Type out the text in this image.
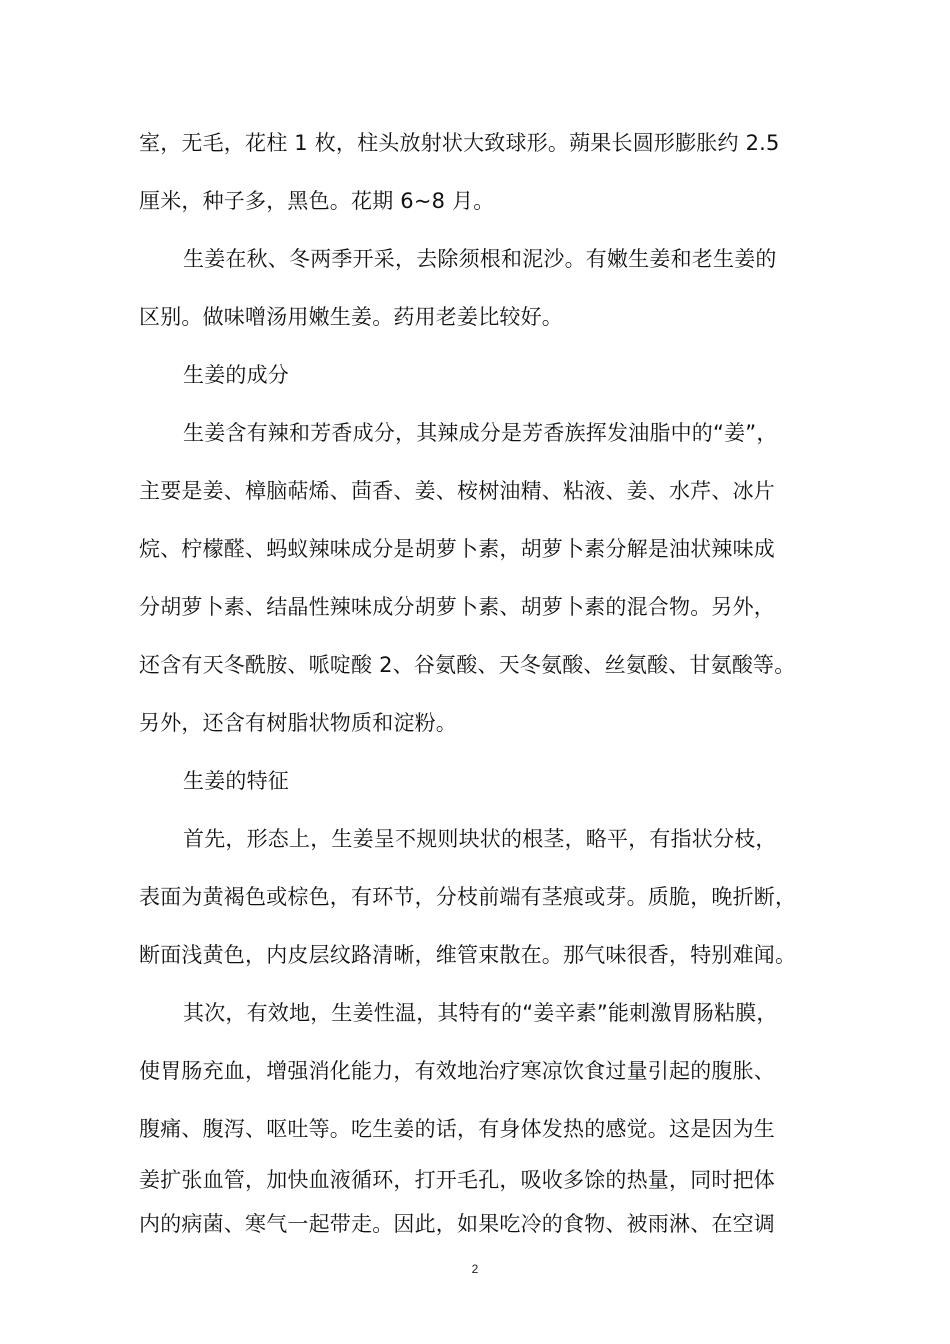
室，无毛，花柱 1 枚，柱头放射状大致球形。蒴果长圆形膨胀约 2.5
厘米，种子多，黑色。花期 6~8 月。
生姜在秋、冬两季开采，去除须根和泥沙。有嫩生姜和老生姜的
区别。做味噌汤用嫩生姜。药用老姜比较好。
生姜的成分
生姜含有辣和芳香成分，其辣成分是芳香族挥发油脂中的“姜”，
主要是姜、樟脑萜烯、茴香、姜、桉树油精、粘液、姜、水芹、冰片
烷、柠檬醛、蚂蚁辣味成分是胡萝卜素，胡萝卜素分解是油状辣味成
分胡萝卜素、结晶性辣味成分胡萝卜素、胡萝卜素的混合物。另外，
还含有天冬酰胺、哌啶酸 2、谷氨酸、天冬氨酸、丝氨酸、甘氨酸等。
另外，还含有树脂状物质和淀粉。
生姜的特征
首先，形态上，生姜呈不规则块状的根茎，略平，有指状分枝，
表面为黄褐色或棕色，有环节，分枝前端有茎痕或芽。质脆，晚折断，
断面浅黄色，内皮层纹路清晰，维管束散在。那气味很香，特别难闻。
其次，有效地，生姜性温，其特有的“姜辛素”能刺激胃肠粘膜，
使胃肠充血，增强消化能力，有效地治疗寒凉饮食过量引起的腹胀、
腹痛、腹泻、呕吐等。吃生姜的话，有身体发热的感觉。这是因为生
姜扩张血管，加快血液循环，打开毛孔，吸收多馀的热量，同时把体
内的病菌、寒气一起带走。因此，如果吃冷的食物、被雨淋、在空调
2
